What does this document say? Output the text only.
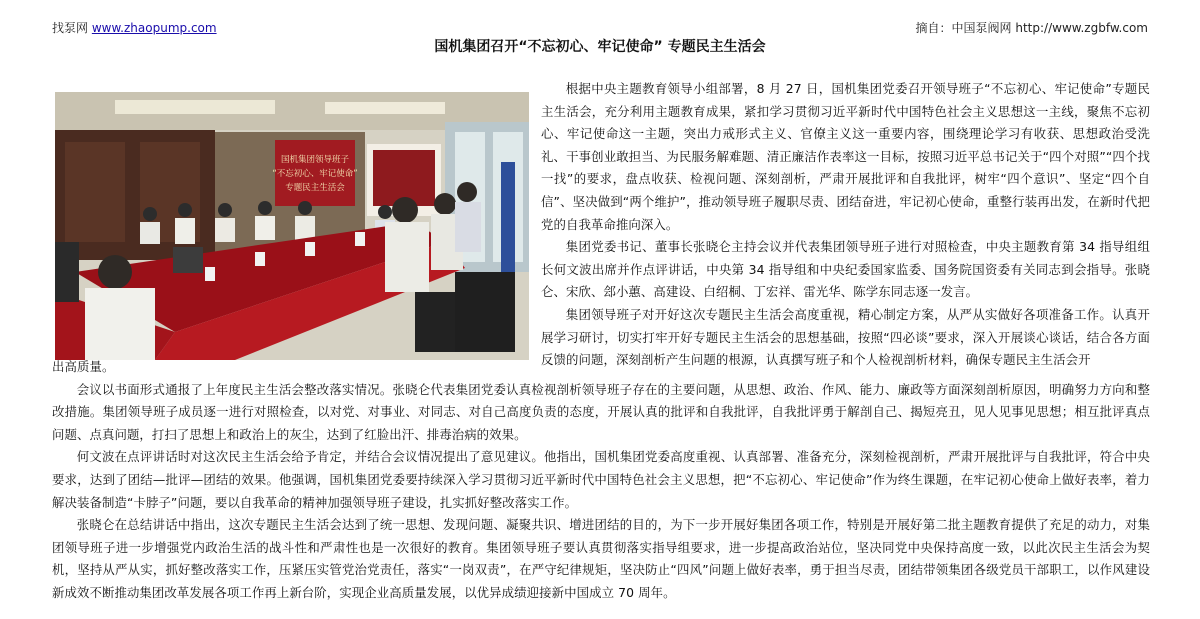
找泵网 www.zhaopump.com	摘自：中国泵阀网 http://www.zgbfw.com
国机集团召开“不忘初心、牢记使命” 专题民主生活会
国机集团领导班子
“不忘初心、牢记使命”
专题民主生活会

根据中央主题教育领导小组部署，8 月 27 日，国机集团党委召开领导班子“不忘初心、牢记使命”专题民主生活会，充分利用主题教育成果，紧扣学习贯彻习近平新时代中国特色社会主义思想这一主线，聚焦不忘初心、牢记使命这一主题，突出力戒形式主义、官僚主义这一重要内容，围绕理论学习有收获、思想政治受洗礼、干事创业敢担当、为民服务解难题、清正廉洁作表率这一目标，按照习近平总书记关于“四个对照”“四个找一找”的要求，盘点收获、检视问题、深刻剖析，严肃开展批评和自我批评，树牢“四个意识”、坚定“四个自信”、坚决做到“两个维护”，推动领导班子履职尽责、团结奋进，牢记初心使命，重整行装再出发，在新时代把党的自我革命推向深入。

集团党委书记、董事长张晓仑主持会议并代表集团领导班子进行对照检查，中央主题教育第 34 指导组组长何文波出席并作点评讲话，中央第 34 指导组和中央纪委国家监委、国务院国资委有关同志到会指导。张晓仑、宋欣、郐小蕙、高建设、白绍桐、丁宏祥、雷光华、陈学东同志逐一发言。

集团领导班子对开好这次专题民主生活会高度重视，精心制定方案，从严从实做好各项准备工作。认真开展学习研讨，切实打牢开好专题民主生活会的思想基础，按照“四必谈”要求，深入开展谈心谈话，结合各方面反馈的问题，深刻剖析产生问题的根源，认真撰写班子和个人检视剖析材料，确保专题民主生活会开

出高质量。

会议以书面形式通报了上年度民主生活会整改落实情况。张晓仑代表集团党委认真检视剖析领导班子存在的主要问题，从思想、政治、作风、能力、廉政等方面深刻剖析原因，明确努力方向和整改措施。集团领导班子成员逐一进行对照检查，以对党、对事业、对同志、对自己高度负责的态度，开展认真的批评和自我批评，自我批评勇于解剖自己、揭短亮丑，见人见事见思想；相互批评真点问题、点真问题，打扫了思想上和政治上的灰尘，达到了红脸出汗、排毒治病的效果。

何文波在点评讲话时对这次民主生活会给予肯定，并结合会议情况提出了意见建议。他指出，国机集团党委高度重视、认真部署、准备充分，深刻检视剖析，严肃开展批评与自我批评，符合中央要求，达到了团结—批评—团结的效果。他强调，国机集团党委要持续深入学习贯彻习近平新时代中国特色社会主义思想，把“不忘初心、牢记使命”作为终生课题，在牢记初心使命上做好表率，着力解决装备制造“卡脖子”问题，要以自我革命的精神加强领导班子建设，扎实抓好整改落实工作。

张晓仑在总结讲话中指出，这次专题民主生活会达到了统一思想、发现问题、凝聚共识、增进团结的目的，为下一步开展好集团各项工作，特别是开展好第二批主题教育提供了充足的动力，对集团领导班子进一步增强党内政治生活的战斗性和严肃性也是一次很好的教育。集团领导班子要认真贯彻落实指导组要求，进一步提高政治站位，坚决同党中央保持高度一致，以此次民主生活会为契机，坚持从严从实，抓好整改落实工作，压紧压实管党治党责任，落实“一岗双责”，在严守纪律规矩，坚决防止“四风”问题上做好表率，勇于担当尽责，团结带领集团各级党员干部职工，以作风建设新成效不断推动集团改革发展各项工作再上新台阶，实现企业高质量发展，以优异成绩迎接新中国成立 70 周年。
